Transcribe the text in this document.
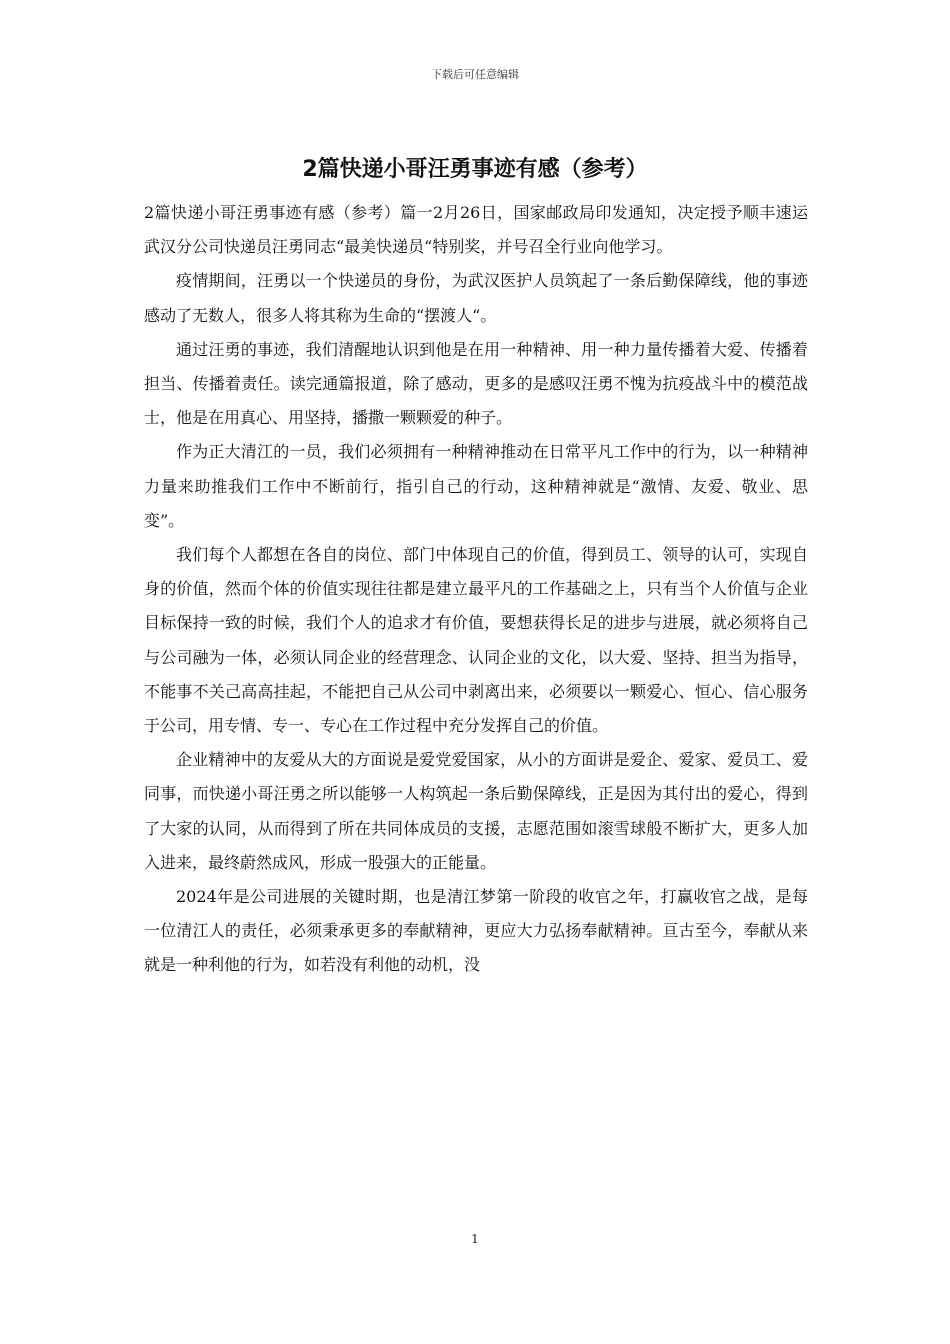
下载后可任意编辑
2篇快递小哥汪勇事迹有感（参考）

2篇快递小哥汪勇事迹有感（参考）篇一2月26日，国家邮政局印发通知，决定授予顺丰速运武汉分公司快递员汪勇同志“最美快递员“特别奖，并号召全行业向他学习。

疫情期间，汪勇以一个快递员的身份，为武汉医护人员筑起了一条后勤保障线，他的事迹感动了无数人，很多人将其称为生命的“摆渡人“。

通过汪勇的事迹，我们清醒地认识到他是在用一种精神、用一种力量传播着大爱、传播着担当、传播着责任。读完通篇报道，除了感动，更多的是感叹汪勇不愧为抗疫战斗中的模范战士，他是在用真心、用坚持，播撒一颗颗爱的种子。

作为正大清江的一员，我们必须拥有一种精神推动在日常平凡工作中的行为，以一种精神力量来助推我们工作中不断前行，指引自己的行动，这种精神就是“激情、友爱、敬业、思变”。

我们每个人都想在各自的岗位、部门中体现自己的价值，得到员工、领导的认可，实现自身的价值，然而个体的价值实现往往都是建立最平凡的工作基础之上，只有当个人价值与企业目标保持一致的时候，我们个人的追求才有价值，要想获得长足的进步与进展，就必须将自己与公司融为一体，必须认同企业的经营理念、认同企业的文化，以大爱、坚持、担当为指导，不能事不关己高高挂起，不能把自己从公司中剥离出来，必须要以一颗爱心、恒心、信心服务于公司，用专情、专一、专心在工作过程中充分发挥自己的价值。

企业精神中的友爱从大的方面说是爱党爱国家，从小的方面讲是爱企、爱家、爱员工、爱同事，而快递小哥汪勇之所以能够一人构筑起一条后勤保障线，正是因为其付出的爱心，得到了大家的认同，从而得到了所在共同体成员的支援，志愿范围如滚雪球般不断扩大，更多人加入进来，最终蔚然成风，形成一股强大的正能量。

2024年是公司进展的关键时期，也是清江梦第一阶段的收官之年，打赢收官之战，是每一位清江人的责任，必须秉承更多的奉献精神，更应大力弘扬奉献精神。亘古至今，奉献从来就是一种利他的行为，如若没有利他的动机，没

1
